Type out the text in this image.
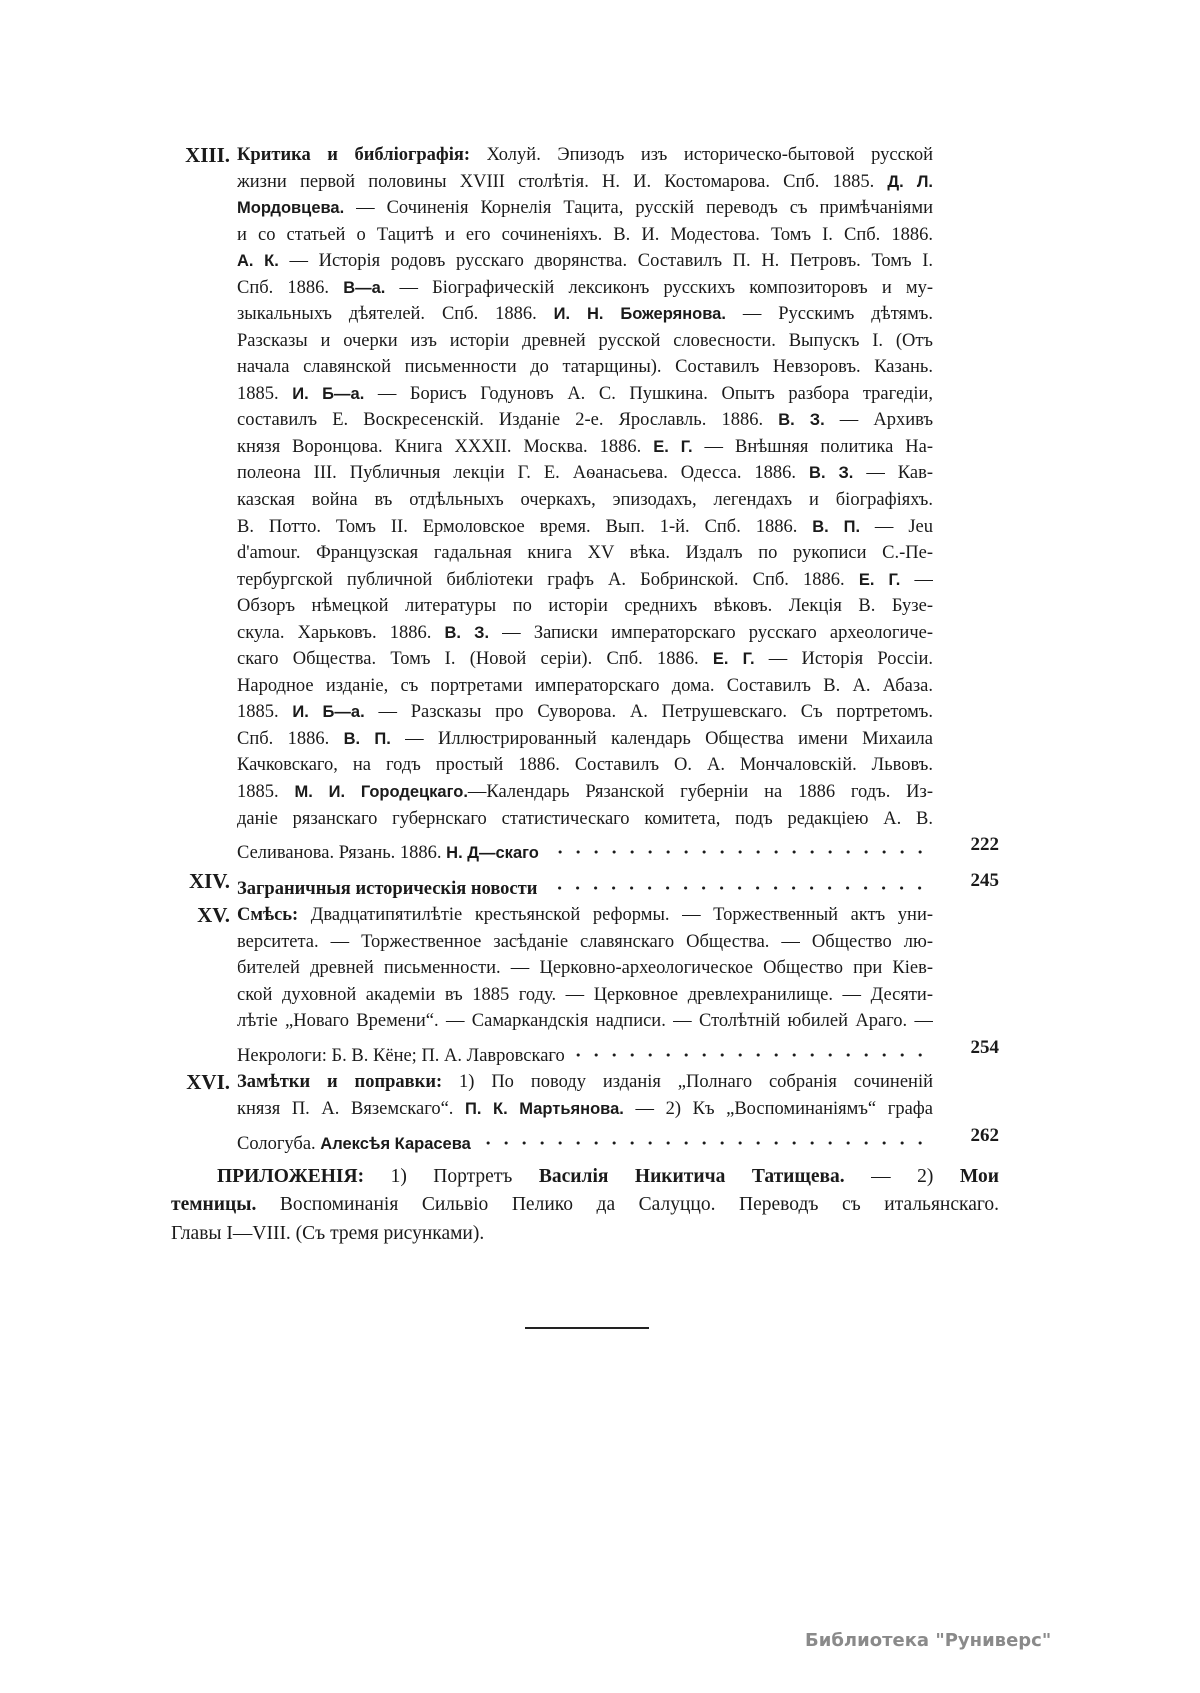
XIII. Критика и библіографія: Холуй. Эпизодъ изъ историческо-бытовой русской
жизни первой половины XVIII столѣтія. Н. И. Костомарова. Спб. 1885. Д. Л.
Мордовцева. — Сочиненія Корнелія Тацита, русскій переводъ съ примѣчаніями
и со статьей о Тацитѣ и его сочиненіяхъ. В. И. Модестова. Томъ I. Спб. 1886.
А. К. — Исторія родовъ русскаго дворянства. Составилъ П. Н. Петровъ. Томъ I.
Спб. 1886. В—а. — Біографическій лексиконъ русскихъ композиторовъ и му-
зыкальныхъ дѣятелей. Спб. 1886. И. Н. Божерянова. — Русскимъ дѣтямъ.
Разсказы и очерки изъ исторіи древней русской словесности. Выпускъ I. (Отъ
начала славянской письменности до татарщины). Составилъ Невзоровъ. Казань.
1885. И. Б—а. — Борисъ Годуновъ А. С. Пушкина. Опытъ разбора трагедіи,
составилъ Е. Воскресенскій. Изданіе 2-е. Ярославль. 1886. В. З. — Архивъ
князя Воронцова. Книга XXXII. Москва. 1886. Е. Г. — Внѣшняя политика На-
полеона III. Публичныя лекціи Г. Е. Аѳанасьева. Одесса. 1886. В. З. — Кав-
казская война въ отдѣльныхъ очеркахъ, эпизодахъ, легендахъ и біографіяхъ.
В. Потто. Томъ II. Ермоловское время. Вып. 1-й. Спб. 1886. В. П. — Jeu
d'amour. Французская гадальная книга XV вѣка. Издалъ по рукописи С.-Пе-
тербургской публичной библіотеки графъ А. Бобринской. Спб. 1886. Е. Г. —
Обзоръ нѣмецкой литературы по исторіи среднихъ вѣковъ. Лекція В. Бузе-
скула. Харьковъ. 1886. В. З. — Записки императорскаго русскаго археологиче-
скаго Общества. Томъ I. (Новой серіи). Спб. 1886. Е. Г. — Исторія Россіи.
Народное изданіе, съ портретами императорскаго дома. Составилъ В. А. Абаза.
1885. И. Б—а. — Разсказы про Суворова. А. Петрушевскаго. Съ портретомъ.
Спб. 1886. В. П. — Иллюстрированный календарь Общества имени Михаила
Качковскаго, на годъ простый 1886. Составилъ О. А. Мончаловскій. Львовъ.
1885. М. И. Городецкаго.—Календарь Рязанской губерніи на 1886 годъ. Из-
даніе рязанскаго губернскаго статистическаго комитета, подъ редакціею А. В.
222
Селиванова. Рязань. 1886. Н. Д—скаго
XIV.	245
Заграничныя историческія новости
XV. Смѣсь: Двадцатипятилѣтіе крестьянской реформы. — Торжественный актъ уни-
верситета. — Торжественное засѣданіе славянскаго Общества. — Общество лю-
бителей древней письменности. — Церковно-археологическое Общество при Кіев-
ской духовной академіи въ 1885 году. — Церковное древлехранилище. — Десяти-
лѣтіе „Новаго Времени“. — Самаркандскія надписи. — Столѣтній юбилей Араго. —
254
Некрологи: Б. В. Кёне; П. А. Лавровскаго
XVI. Замѣтки и поправки: 1) По поводу изданія „Полнаго собранія сочиненій
князя П. А. Вяземскаго“. П. К. Мартьянова. — 2) Къ „Воспоминаніямъ“ графа
262
Сологуба. Алексѣя Карасева
ПРИЛОЖЕНІЯ: 1) Портретъ Василія Никитича Татищева. — 2) Мои
темницы. Воспоминанія Сильвіо Пелико да Салуццо. Переводъ съ итальянскаго.
Главы I—VIII. (Съ тремя рисунками).
Библиотека "Руниверс"
